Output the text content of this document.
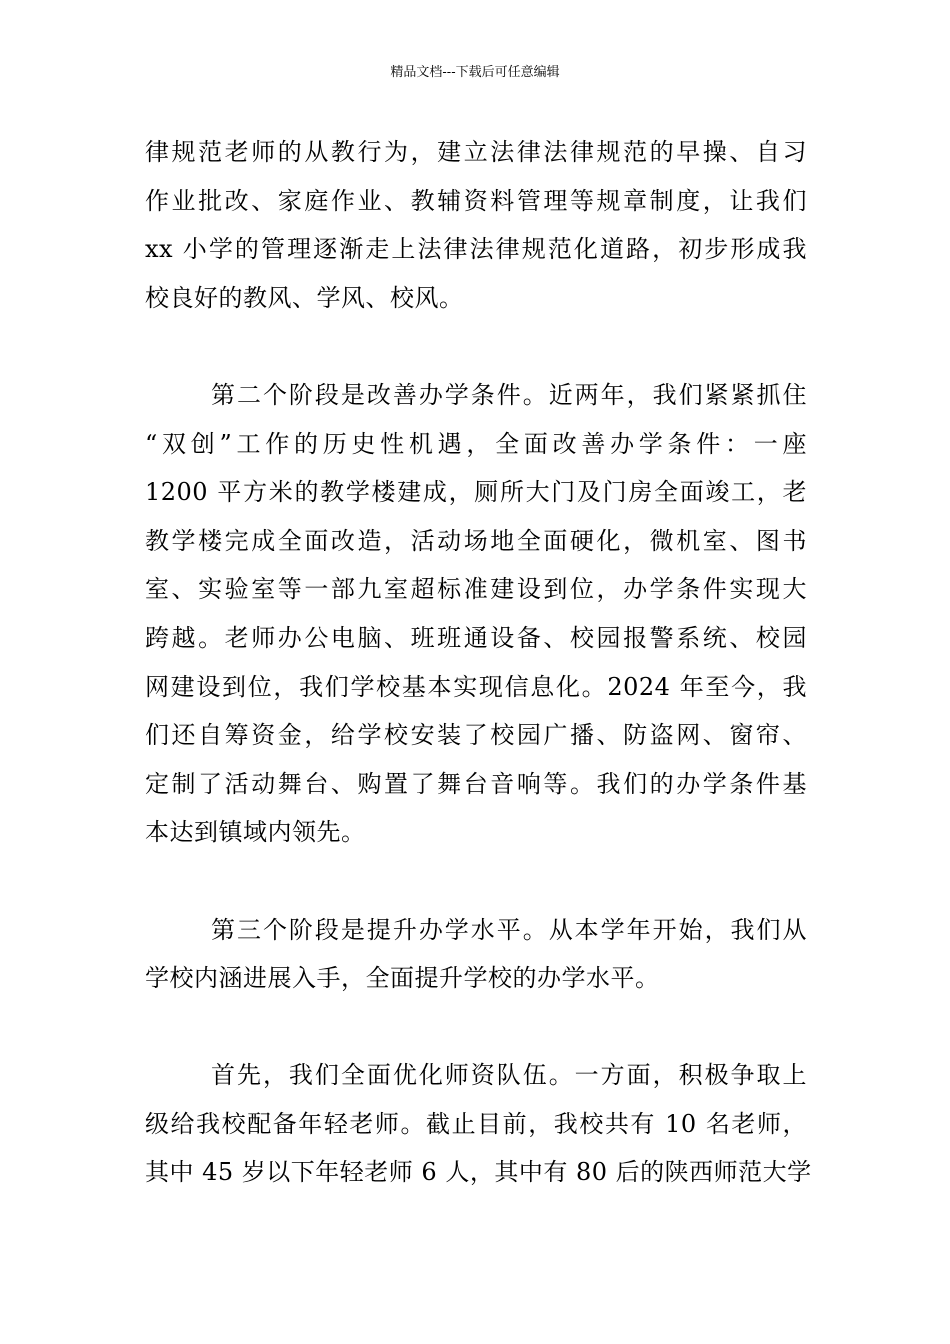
精品文档---下载后可任意编辑

律规范老师的从教行为，建立法律法律规范的早操、自习
作业批改、家庭作业、教辅资料管理等规章制度，让我们
xx 小学的管理逐渐走上法律法律规范化道路，初步形成我
校良好的教风、学风、校风。

第二个阶段是改善办学条件。近两年，我们紧紧抓住
“双创”工作的历史性机遇，全面改善办学条件：一座
1200 平方米的教学楼建成，厕所大门及门房全面竣工，老
教学楼完成全面改造，活动场地全面硬化，微机室、图书
室、实验室等一部九室超标准建设到位，办学条件实现大
跨越。老师办公电脑、班班通设备、校园报警系统、校园
网建设到位，我们学校基本实现信息化。2024 年至今，我
们还自筹资金，给学校安装了校园广播、防盗网、窗帘、
定制了活动舞台、购置了舞台音响等。我们的办学条件基
本达到镇域内领先。

第三个阶段是提升办学水平。从本学年开始，我们从
学校内涵进展入手，全面提升学校的办学水平。

首先，我们全面优化师资队伍。一方面，积极争取上
级给我校配备年轻老师。截止目前，我校共有 10 名老师，
其中 45 岁以下年轻老师 6 人，其中有 80 后的陕西师范大学
